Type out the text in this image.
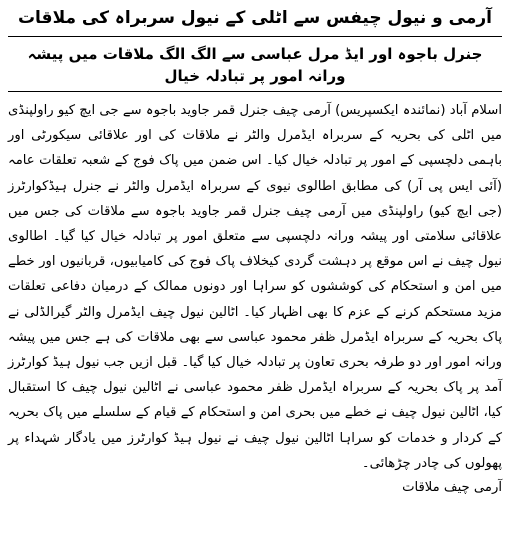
آرمی و نیول چیفس سے اٹلی کے نیول سربراہ کی ملاقات

جنرل باجوہ اور ایڈ مرل عباسی سے الگ الگ ملاقات میں پیشہ ورانہ امور پر تبادلہ خیال

اسلام آباد (نمائندہ ایکسپریس) آرمی چیف جنرل قمر جاوید باجوہ سے جی ایچ کیو راولپنڈی میں اٹلی کی بحریہ کے سربراہ ایڈمرل والٹر نے ملاقات کی اور علاقائی سیکورٹی اور باہمی دلچسپی کے امور پر تبادلہ خیال کیا۔ اس ضمن میں پاک فوج کے شعبہ تعلقات عامہ (آئی ایس پی آر) کی مطابق اطالوی نیوی کے سربراہ ایڈمرل والٹر نے جنرل ہیڈکوارٹرز (جی ایچ کیو) راولپنڈی میں آرمی چیف جنرل قمر جاوید باجوہ سے ملاقات کی جس میں علاقائی سلامتی اور پیشہ ورانہ دلچسپی سے متعلق امور پر تبادلہ خیال کیا گیا۔ اطالوی نیول چیف نے اس موقع پر دہشت گردی کیخلاف پاک فوج کی کامیابیوں، قربانیوں اور خطے میں امن و استحکام کی کوششوں کو سراہا اور دونوں ممالک کے درمیان دفاعی تعلقات مزید مستحکم کرنے کے عزم کا بھی اظہار کیا۔ اٹالین نیول چیف ایڈمرل والٹر گیرالڈلی نے پاک بحریہ کے سربراہ ایڈمرل ظفر محمود عباسی سے بھی ملاقات کی ہے جس میں پیشہ ورانہ امور اور دو طرفہ بحری تعاون پر تبادلہ خیال کیا گیا۔ قبل ازیں جب نیول ہیڈ کوارٹرز آمد پر پاک بحریہ کے سربراہ ایڈمرل ظفر محمود عباسی نے اٹالین نیول چیف کا استقبال کیا، اٹالین نیول چیف نے خطے میں بحری امن و استحکام کے قیام کے سلسلے میں پاک بحریہ کے کردار و خدمات کو سراہا اٹالین نیول چیف نے نیول ہیڈ کوارٹرز میں یادگار شہداء پر پھولوں کی چادر چڑھائی۔

آرمی چیف ملاقات
